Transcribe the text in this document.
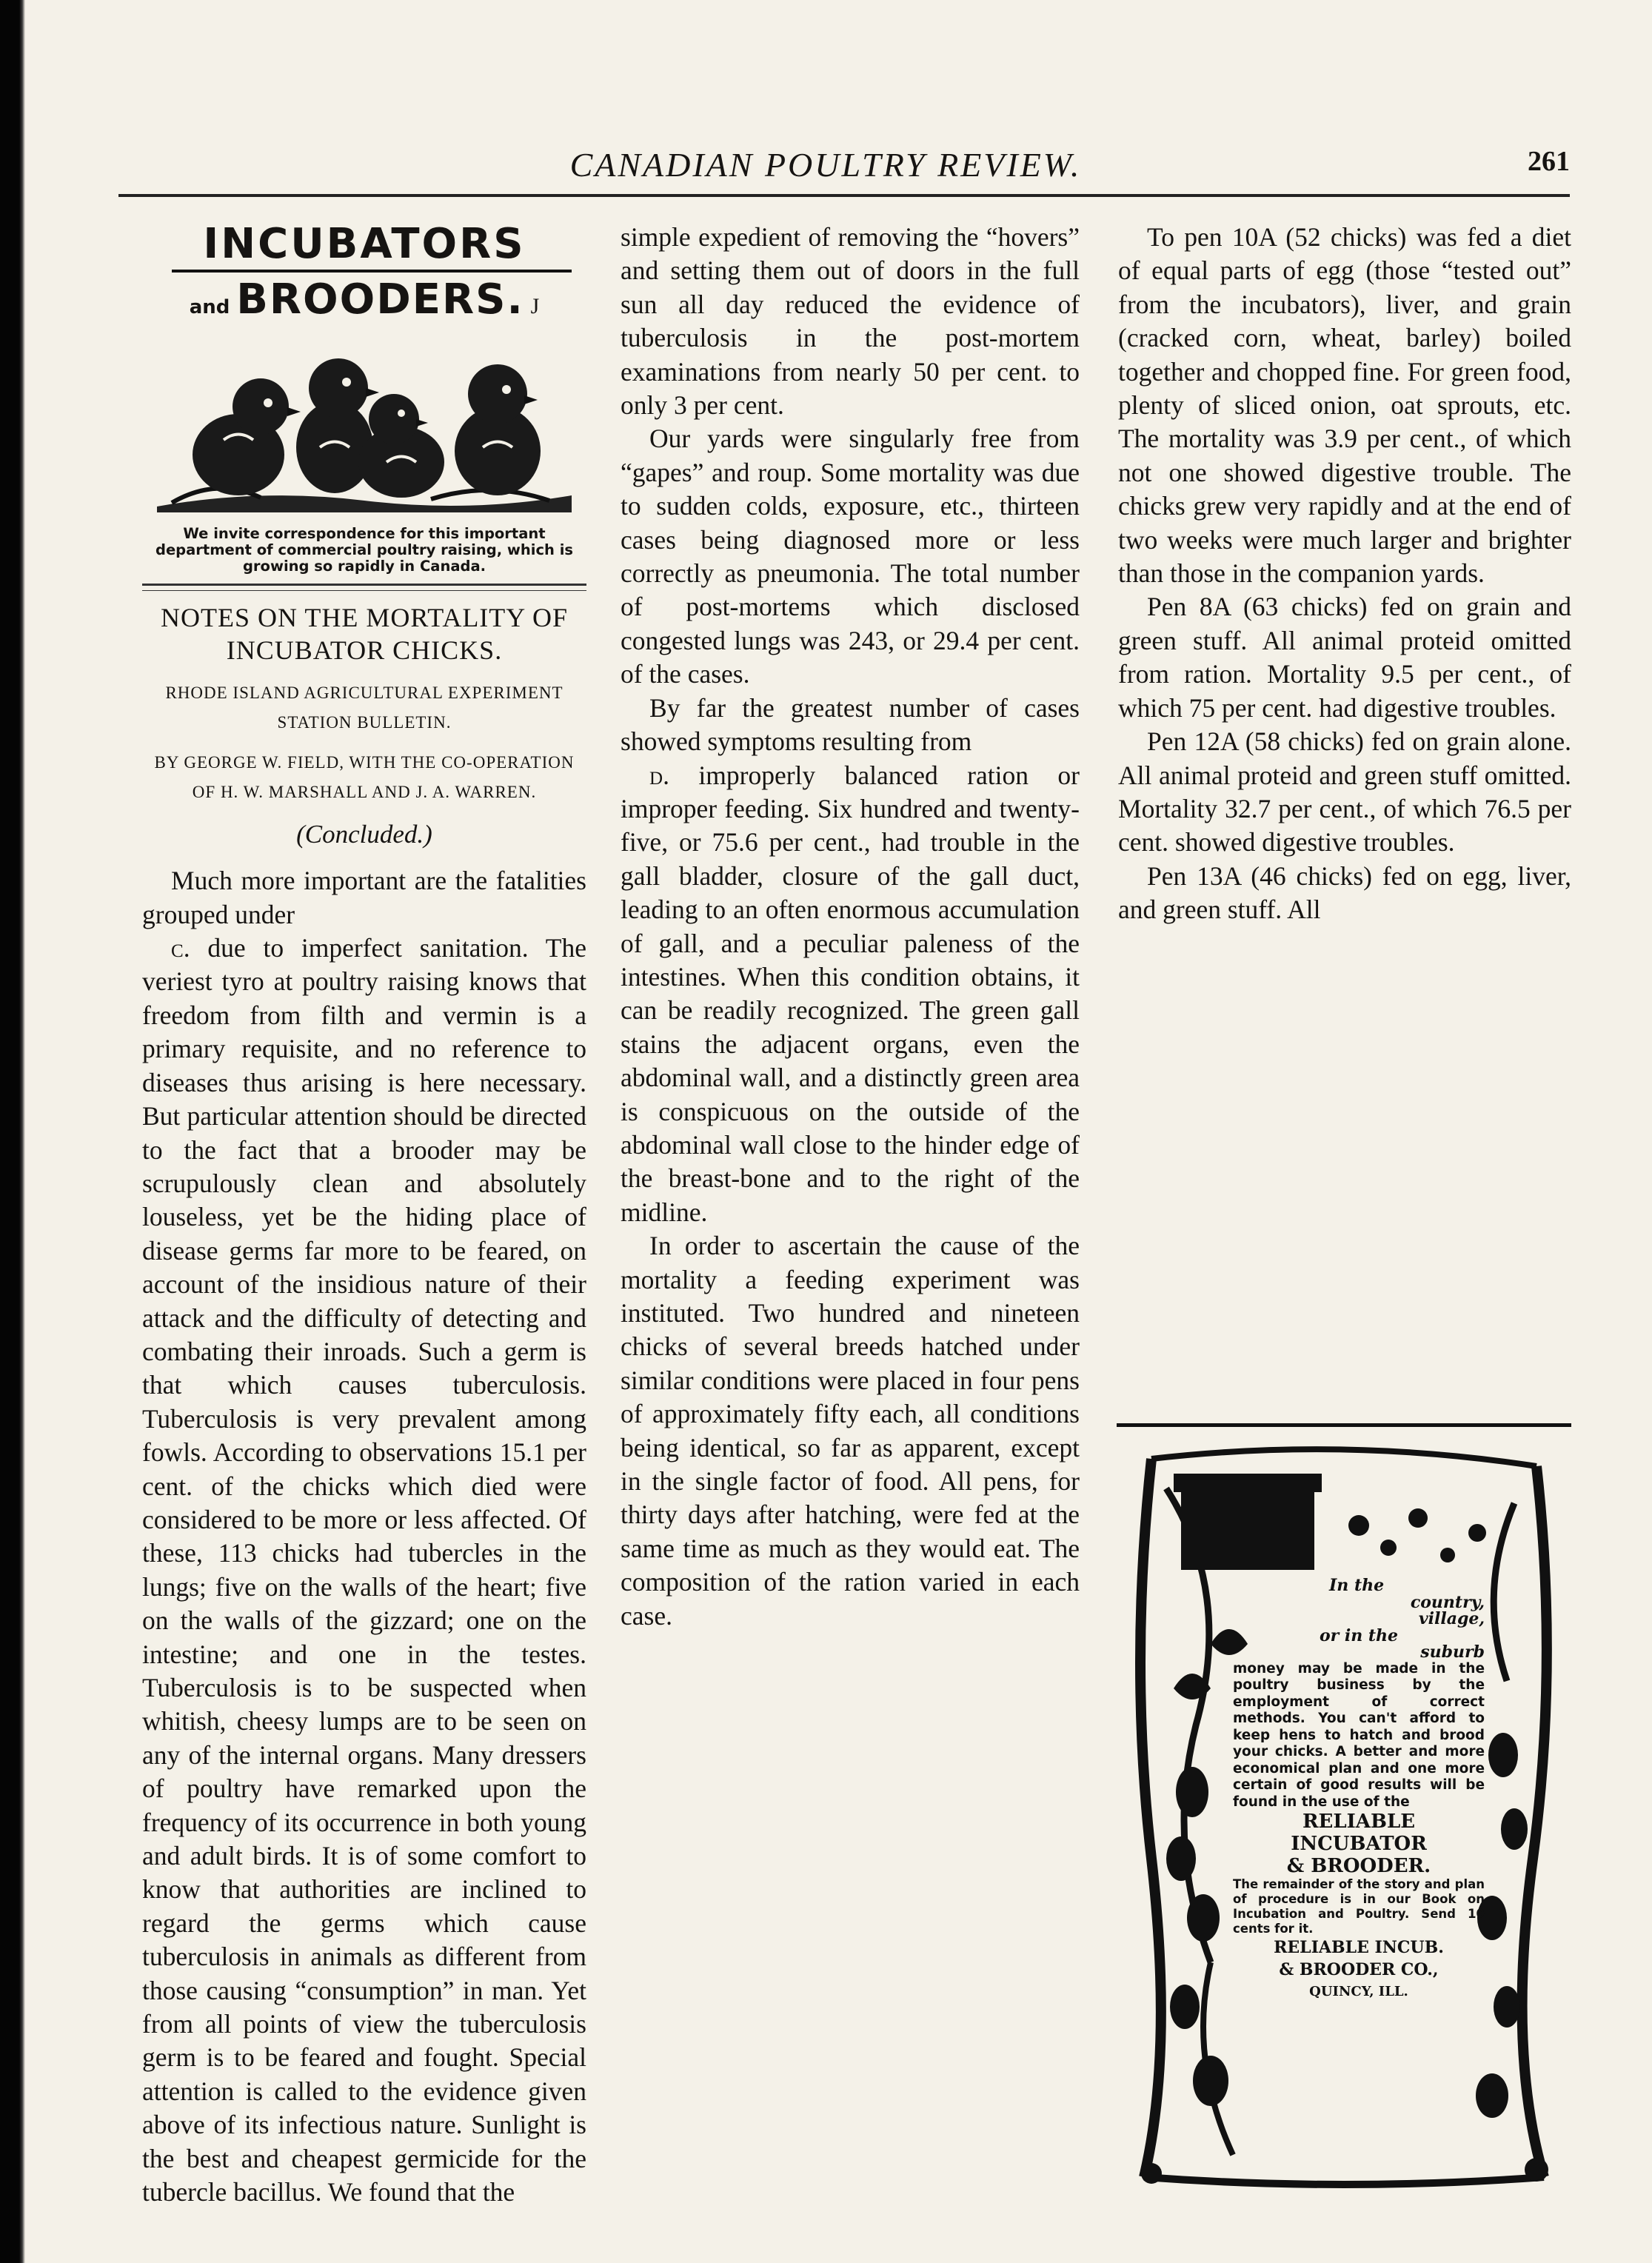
CANADIAN POULTRY REVIEW.	261
INCUBATORS
and BROODERS. J
We invite correspondence for this important department of commercial poultry raising, which is growing so rapidly in Canada.
NOTES ON THE MORTALITY OF INCUBATOR CHICKS.
RHODE ISLAND AGRICULTURAL EXPERIMENT STATION BULLETIN.
BY GEORGE W. FIELD, WITH THE CO-OPERATION OF H. W. MARSHALL AND J. A. WARREN.
(Concluded.)

Much more important are the fatalities grouped under

c. due to imperfect sanitation. The veriest tyro at poultry raising knows that freedom from filth and vermin is a primary requisite, and no reference to diseases thus arising is here necessary. But particular attention should be directed to the fact that a brooder may be scrupulously clean and absolutely louseless, yet be the hiding place of disease germs far more to be feared, on account of the insidious nature of their attack and the difficulty of detecting and combating their inroads. Such a germ is that which causes tuberculosis. Tuberculosis is very prevalent among fowls. According to observations 15.1 per cent. of the chicks which died were considered to be more or less affected. Of these, 113 chicks had tubercles in the lungs; five on the walls of the heart; five on the walls of the gizzard; one on the intestine; and one in the testes. Tuberculosis is to be suspected when whitish, cheesy lumps are to be seen on any of the internal organs. Many dressers of poultry have remarked upon the frequency of its occurrence in both young and adult birds. It is of some comfort to know that authorities are inclined to regard the germs which cause tuberculosis in animals as different from those causing “consumption” in man. Yet from all points of view the tuberculosis germ is to be feared and fought. Special attention is called to the evidence given above of its infectious nature. Sunlight is the best and cheapest germicide for the tubercle bacillus. We found that the

simple expedient of removing the “hovers” and setting them out of doors in the full sun all day reduced the evidence of tuberculosis in the post-mortem examinations from nearly 50 per cent. to only 3 per cent.

Our yards were singularly free from “gapes” and roup. Some mortality was due to sudden colds, exposure, etc., thirteen cases being diagnosed more or less correctly as pneumonia. The total number of post-mortems which disclosed congested lungs was 243, or 29.4 per cent. of the cases.

By far the greatest number of cases showed symptoms resulting from

d. improperly balanced ration or improper feeding. Six hundred and twenty-five, or 75.6 per cent., had trouble in the gall bladder, closure of the gall duct, leading to an often enormous accumulation of gall, and a peculiar paleness of the intestines. When this condition obtains, it can be readily recognized. The green gall stains the adjacent organs, even the abdominal wall, and a distinctly green area is conspicuous on the outside of the abdominal wall close to the hinder edge of the breast-bone and to the right of the midline.

In order to ascertain the cause of the mortality a feeding experiment was instituted. Two hundred and nineteen chicks of several breeds hatched under similar conditions were placed in four pens of approximately fifty each, all conditions being identical, so far as apparent, except in the single factor of food. All pens, for thirty days after hatching, were fed at the same time as much as they would eat. The composition of the ration varied in each case.

To pen 10A (52 chicks) was fed a diet of equal parts of egg (those “tested out” from the incubators), liver, and grain (cracked corn, wheat, barley) boiled together and chopped fine. For green food, plenty of sliced onion, oat sprouts, etc. The mortality was 3.9 per cent., of which not one showed digestive trouble. The chicks grew very rapidly and at the end of two weeks were much larger and brighter than those in the companion yards.

Pen 8A (63 chicks) fed on grain and green stuff. All animal proteid omitted from ration. Mortality 9.5 per cent., of which 75 per cent. had digestive troubles.

Pen 12A (58 chicks) fed on grain alone. All animal proteid and green stuff omitted. Mortality 32.7 per cent., of which 76.5 per cent. showed digestive troubles.

Pen 13A (46 chicks) fed on egg, liver, and green stuff. All

In the
country,
village,
or in the
suburb
money may be made in the poultry business by the employment of correct methods. You can't afford to keep hens to hatch and brood your chicks. A better and more economical plan and one more certain of good results will be found in the use of the
RELIABLE
INCUBATOR
& BROODER.
The remainder of the story and plan of procedure is in our Book on Incubation and Poultry. Send 10 cents for it.
RELIABLE INCUB.
& BROODER CO.,
QUINCY, ILL.
